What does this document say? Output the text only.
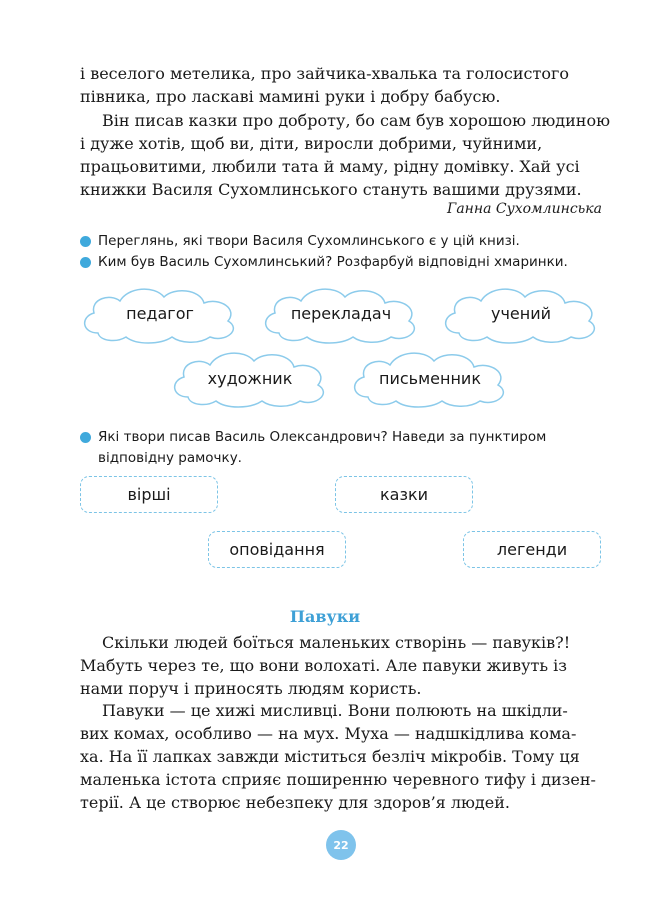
і веселого метелика, про зайчика-хвалька та голосистого
півника, про ласкаві мамині руки і добру бабусю.
Він писав казки про доброту, бо сам був хорошою людиною
і дуже хотів, щоб ви, діти, виросли добрими, чуйними,
працьовитими, любили тата й маму, рідну домівку. Хай усі
книжки Василя Сухомлинського стануть вашими друзями.
Ганна Сухомлинська
Переглянь, які твори Василя Сухомлинського є у цій книзі.
Ким був Василь Сухомлинський? Розфарбуй відповідні хмаринки.
педагог	перекладач	учений
художник	письменник
Які твори писав Василь Олександрович? Наведи за пунктиром відповідну рамочку.
вірші	казки
оповідання	легенди
Павуки
Скільки людей боїться маленьких створінь — павуків?!
Мабуть через те, що вони волохаті. Але павуки живуть із
нами поруч і приносять людям користь.
Павуки — це хижі мисливці. Вони полюють на шкідли-
вих комах, особливо — на мух. Муха — надшкідлива кома-
ха. На її лапках завжди міститься безліч мікробів. Тому ця
маленька істота сприяє поширенню черевного тифу і дизен-
терії. А це створює небезпеку для здоров’я людей.
22
